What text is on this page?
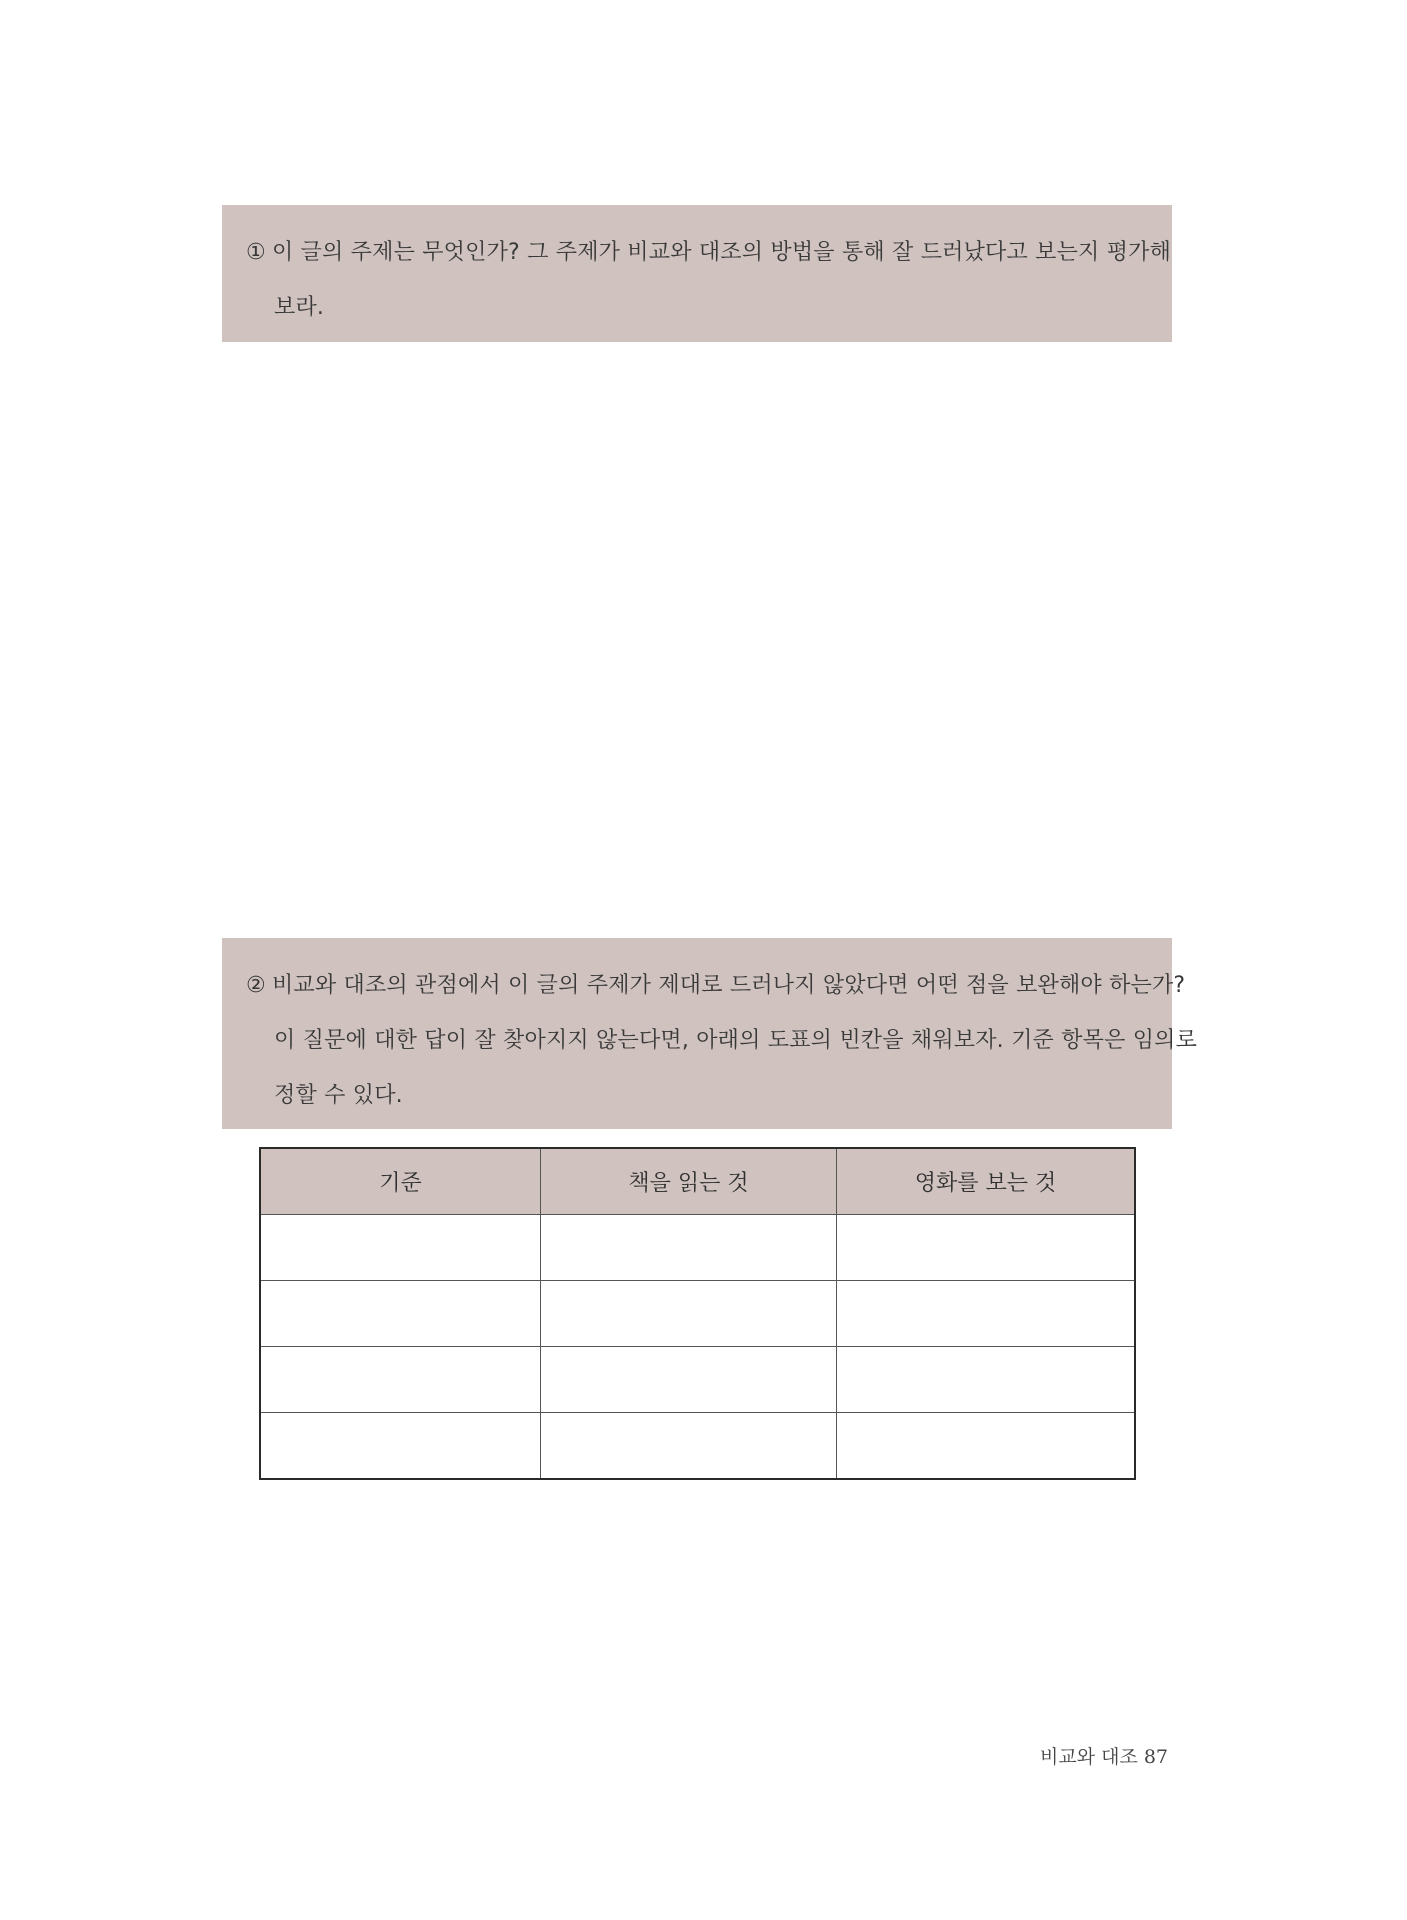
① 이 글의 주제는 무엇인가? 그 주제가 비교와 대조의 방법을 통해 잘 드러났다고 보는지 평가해
보라.
② 비교와 대조의 관점에서 이 글의 주제가 제대로 드러나지 않았다면 어떤 점을 보완해야 하는가?
이 질문에 대한 답이 잘 찾아지지 않는다면, 아래의 도표의 빈칸을 채워보자. 기준 항목은 임의로
정할 수 있다.
기준	책을 읽는 것	영화를 보는 것

비교와 대조 87
